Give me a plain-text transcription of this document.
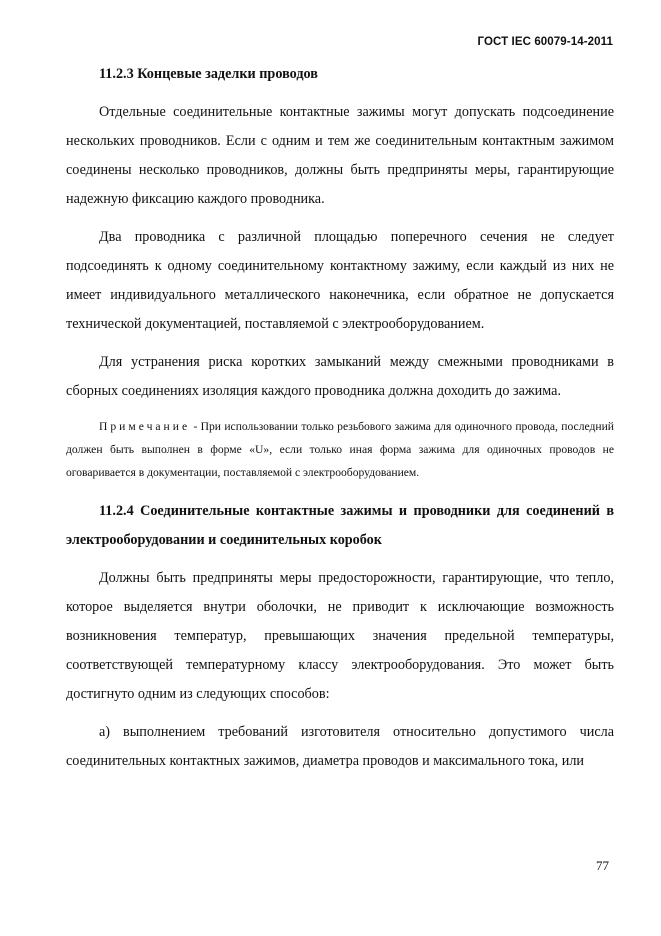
ГОСТ IEC 60079-14-2011
11.2.3 Концевые заделки проводов

Отдельные соединительные контактные зажимы могут допускать подсоединение нескольких проводников. Если с одним и тем же соединительным контактным зажимом соединены несколько проводников, должны быть предприняты меры, гарантирующие надежную фиксацию каждого проводника.

Два проводника с различной площадью поперечного сечения не следует подсоединять к одному соединительному контактному зажиму, если каждый из них не имеет индивидуального металлического наконечника, если обратное не допускается технической документацией, поставляемой с электрооборудованием.

Для устранения риска коротких замыканий между смежными проводниками в сборных соединениях изоляция каждого проводника должна доходить до зажима.

Примечание - При использовании только резьбового зажима для одиночного провода, последний должен быть выполнен в форме «U», если только иная форма зажима для одиночных проводов не оговаривается в документации, поставляемой с электрооборудованием.
11.2.4 Соединительные контактные зажимы и проводники для соединений в электрооборудовании и соединительных коробок

Должны быть предприняты меры предосторожности, гарантирующие, что тепло, которое выделяется внутри оболочки, не приводит к исключающие возможность возникновения температур, превышающих значения предельной температуры, соответствующей температурному классу электрооборудования. Это может быть достигнуто одним из следующих способов:

а) выполнением требований изготовителя относительно допустимого числа соединительных контактных зажимов, диаметра проводов и максимального тока, или

77
